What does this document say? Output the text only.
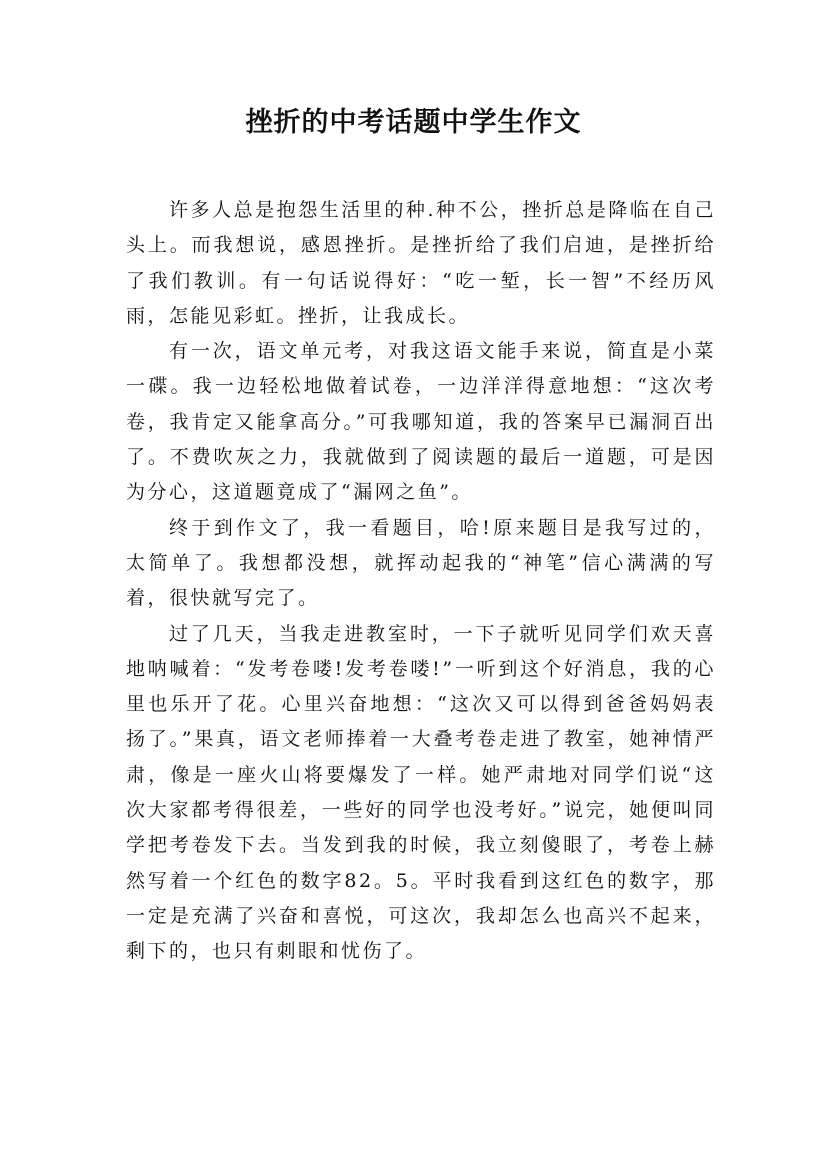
挫折的中考话题中学生作文

许多人总是抱怨生活里的种.种不公，挫折总是降临在自己头上。而我想说，感恩挫折。是挫折给了我们启迪，是挫折给了我们教训。有一句话说得好：“吃一堑，长一智”不经历风雨，怎能见彩虹。挫折，让我成长。

有一次，语文单元考，对我这语文能手来说，简直是小菜一碟。我一边轻松地做着试卷，一边洋洋得意地想：“这次考卷，我肯定又能拿高分。”可我哪知道，我的答案早已漏洞百出了。不费吹灰之力，我就做到了阅读题的最后一道题，可是因为分心，这道题竟成了“漏网之鱼”。

终于到作文了，我一看题目，哈!原来题目是我写过的，太简单了。我想都没想，就挥动起我的“神笔”信心满满的写着，很快就写完了。

过了几天，当我走进教室时，一下子就听见同学们欢天喜地呐喊着：“发考卷喽!发考卷喽!”一听到这个好消息，我的心里也乐开了花。心里兴奋地想：“这次又可以得到爸爸妈妈表扬了。”果真，语文老师捧着一大叠考卷走进了教室，她神情严肃，像是一座火山将要爆发了一样。她严肃地对同学们说“这次大家都考得很差，一些好的同学也没考好。”说完，她便叫同学把考卷发下去。当发到我的时候，我立刻傻眼了，考卷上赫然写着一个红色的数字82。5。平时我看到这红色的数字，那一定是充满了兴奋和喜悦，可这次，我却怎么也高兴不起来，剩下的，也只有刺眼和忧伤了。
